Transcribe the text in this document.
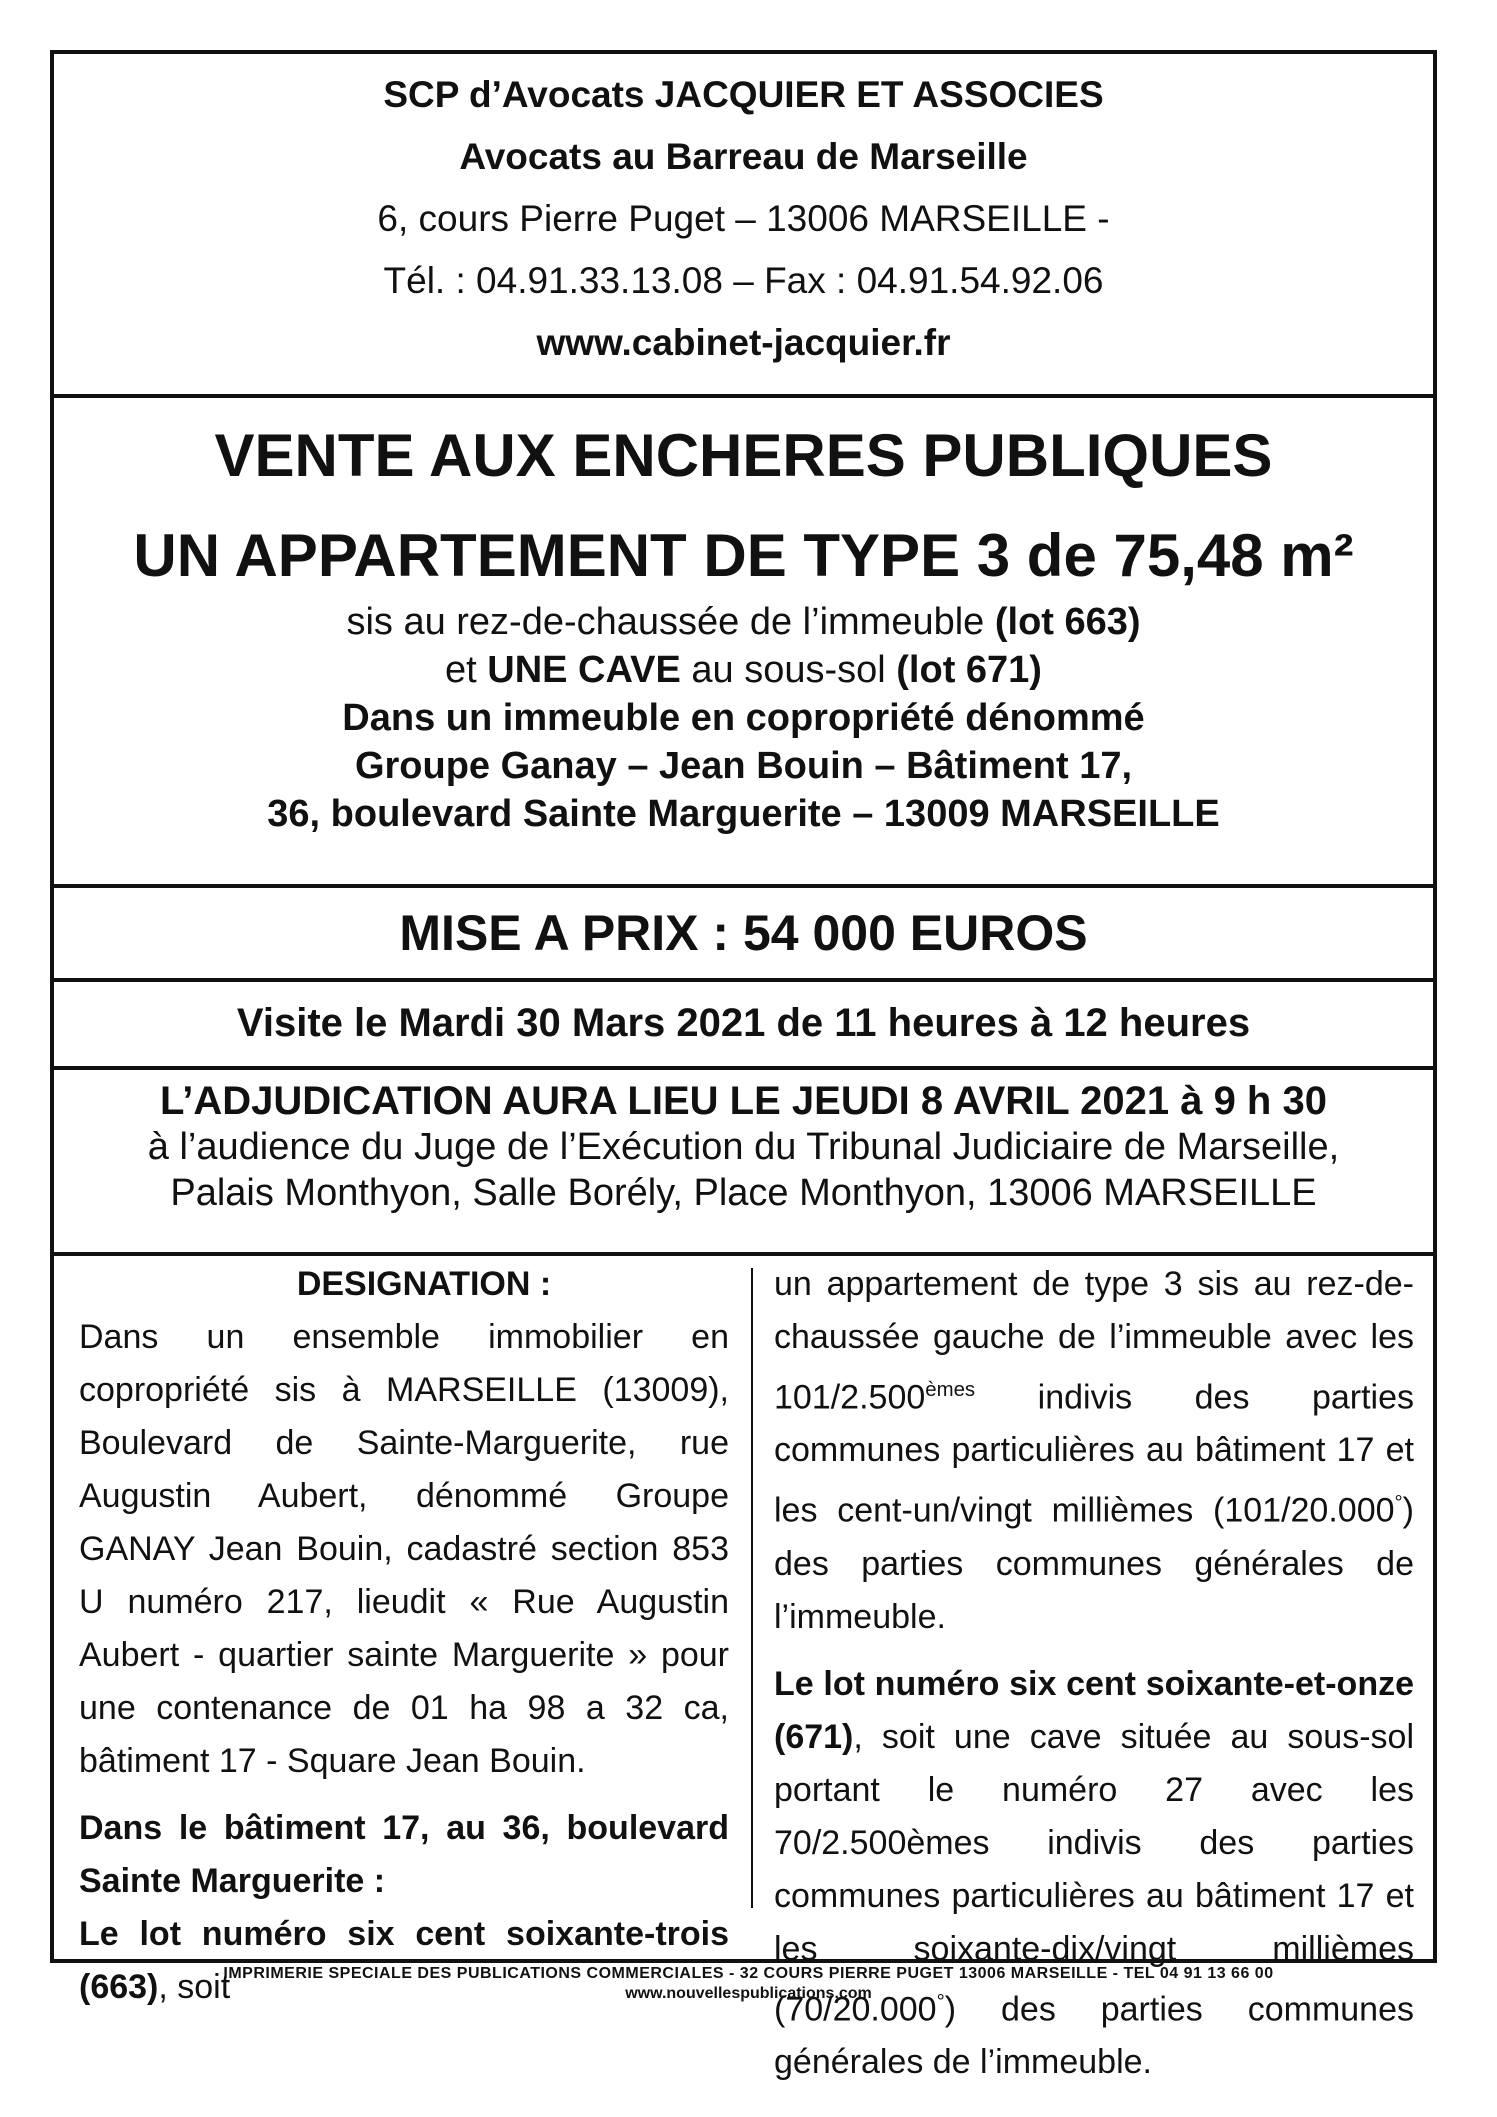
SCP d’Avocats JACQUIER ET ASSOCIES
Avocats au Barreau de Marseille
6, cours Pierre Puget – 13006 MARSEILLE -
Tél. : 04.91.33.13.08 – Fax : 04.91.54.92.06
www.cabinet-jacquier.fr
VENTE AUX ENCHERES PUBLIQUES
UN APPARTEMENT DE TYPE 3 de 75,48 m²
sis au rez-de-chaussée de l’immeuble (lot 663)
et UNE CAVE au sous-sol (lot 671)
Dans un immeuble en copropriété dénommé
Groupe Ganay – Jean Bouin – Bâtiment 17,
36, boulevard Sainte Marguerite – 13009 MARSEILLE
MISE A PRIX : 54 000 EUROS
Visite le Mardi 30 Mars 2021 de 11 heures à 12 heures
L’ADJUDICATION AURA LIEU LE JEUDI 8 AVRIL 2021 à 9 h 30
à l’audience du Juge de l’Exécution du Tribunal Judiciaire de Marseille,
Palais Monthyon, Salle Borély, Place Monthyon, 13006 MARSEILLE

DESIGNATION :

Dans un ensemble immobilier en copropriété sis à MARSEILLE (13009), Boulevard de Sainte-Marguerite, rue Augustin Aubert, dénommé Groupe GANAY Jean Bouin, cadastré section 853 U numéro 217, lieudit « Rue Augustin Aubert - quartier sainte Marguerite » pour une contenance de 01 ha 98 a 32 ca, bâtiment 17 - Square Jean Bouin.

Dans le bâtiment 17, au 36, boulevard Sainte Marguerite :

Le lot numéro six cent soixante-trois (663), soit

un appartement de type 3 sis au rez-de-chaussée gauche de l’immeuble avec les 101/2.500èmes indivis des parties communes particulières au bâtiment 17 et les cent-un/vingt millièmes (101/20.000°) des parties communes générales de l’immeuble.

Le lot numéro six cent soixante-et-onze (671), soit une cave située au sous-sol portant le numéro 27 avec les 70/2.500èmes indivis des parties communes particulières au bâtiment 17 et les soixante-dix/vingt millièmes (70/20.000°) des parties communes générales de l’immeuble.

IMPRIMERIE SPECIALE DES PUBLICATIONS COMMERCIALES - 32 COURS PIERRE PUGET 13006 MARSEILLE - TEL 04 91 13 66 00
www.nouvellespublications.com
